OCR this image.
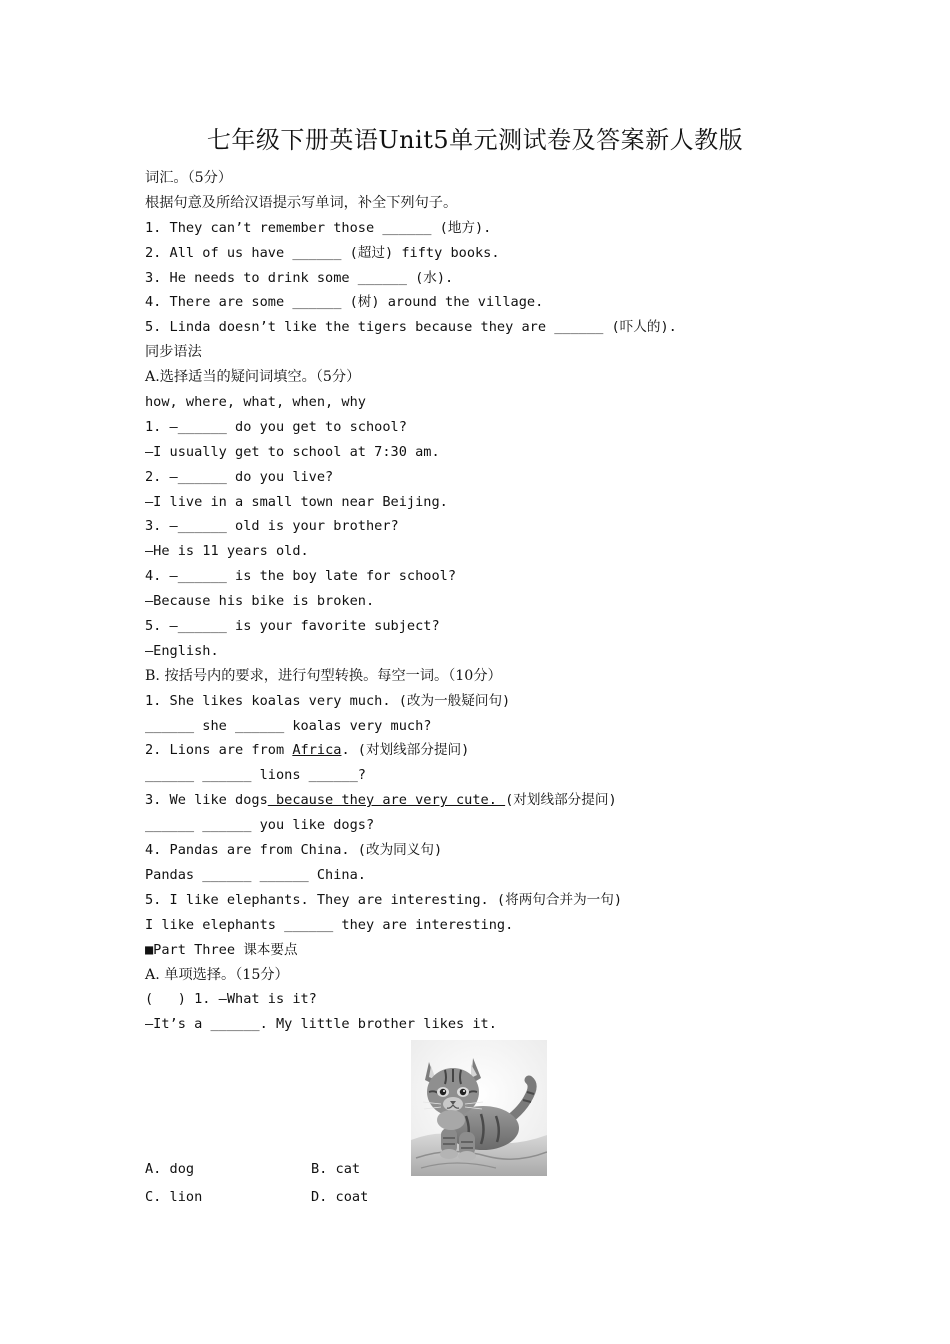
七年级下册英语Unit5单元测试卷及答案新人教版
词汇。（5分）
根据句意及所给汉语提示写单词，补全下列句子。
1. They can’t remember those ______ (地方).
2. All of us have ______ (超过) fifty books.
3. He needs to drink some ______ (水).
4. There are some ______ (树) around the village.
5. Linda doesn’t like the tigers because they are ______ (吓人的).
同步语法
A.选择适当的疑问词填空。（5分）
how, where, what, when, why
1. —______ do you get to school?
—I usually get to school at 7:30 am.
2. —______ do you live?
—I live in a small town near Beijing.
3. —______ old is your brother?
—He is 11 years old.
4. —______ is the boy late for school?
—Because his bike is broken.
5. —______ is your favorite subject?
—English.
B. 按括号内的要求，进行句型转换。每空一词。（10分）
1. She likes koalas very much. (改为一般疑问句)
______ she ______ koalas very much?
2. Lions are from Africa. (对划线部分提问)
______ ______ lions ______?
3. We like dogs because they are very cute. (对划线部分提问)
______ ______ you like dogs?
4. Pandas are from China. (改为同义句)
Pandas ______ ______ China.
5. I like elephants. They are interesting. (将两句合并为一句)
I like elephants ______ they are interesting.
■Part Three 课本要点
A. 单项选择。（15分）
(   ) 1. —What is it?
—It’s a ______. My little brother likes it.
A. dog	B. cat
C. lion	D. coat
